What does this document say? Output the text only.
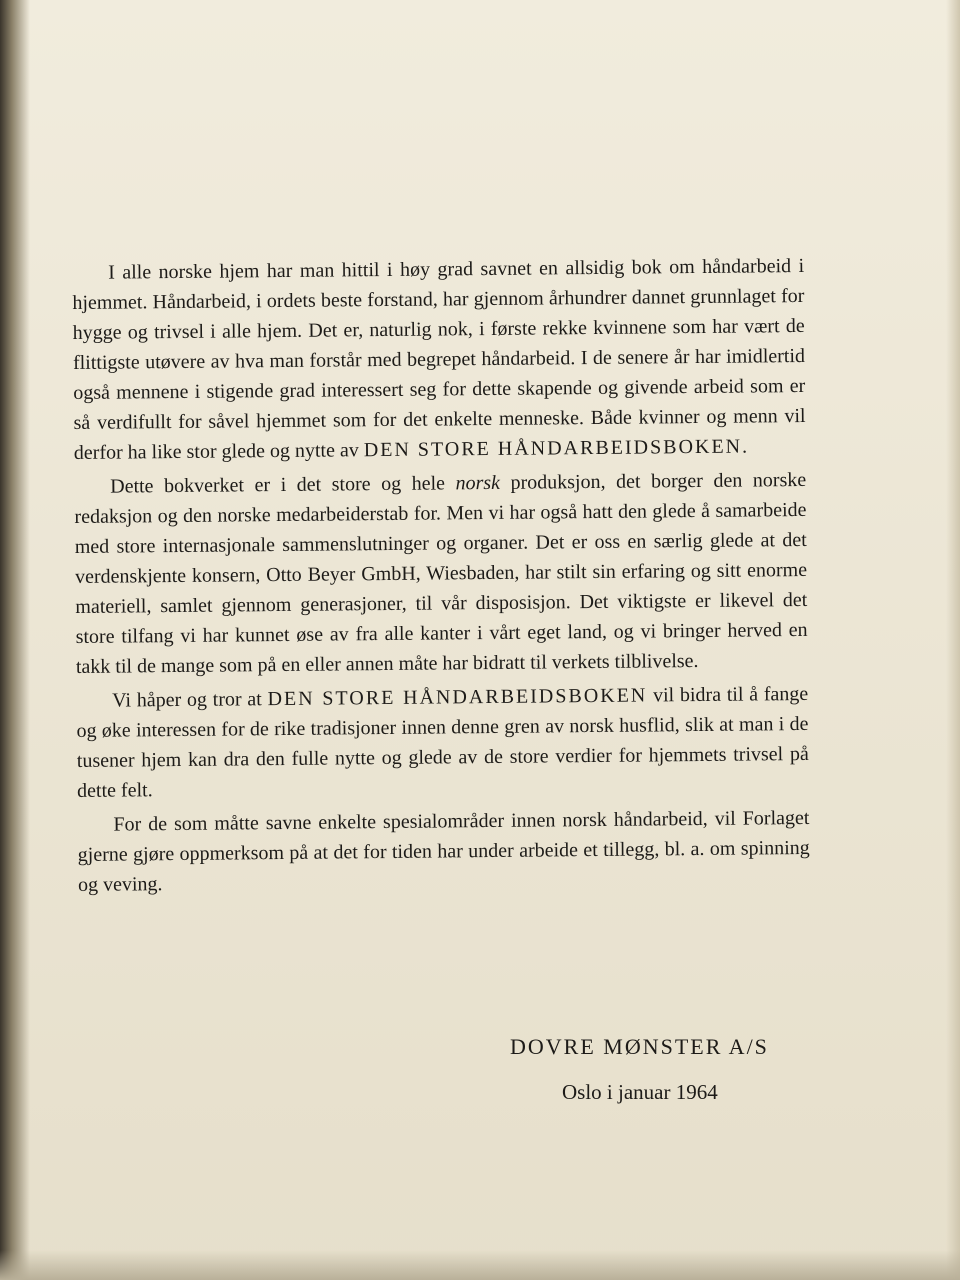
I alle norske hjem har man hittil i høy grad savnet en allsidig bok om håndarbeid i hjemmet. Håndarbeid, i ordets beste forstand, har gjennom århundrer dannet grunnlaget for hygge og trivsel i alle hjem. Det er, naturlig nok, i første rekke kvinnene som har vært de flittigste utøvere av hva man forstår med begrepet håndarbeid. I de senere år har imidlertid også mennene i stigende grad interessert seg for dette skapende og givende arbeid som er så verdifullt for såvel hjemmet som for det enkelte menneske. Både kvinner og menn vil derfor ha like stor glede og nytte av DEN STORE HÅNDARBEIDSBOKEN.

Dette bokverket er i det store og hele norsk produksjon, det borger den norske redaksjon og den norske medarbeiderstab for. Men vi har også hatt den glede å samarbeide med store internasjonale sammenslutninger og organer. Det er oss en særlig glede at det verdenskjente konsern, Otto Beyer GmbH, Wiesbaden, har stilt sin erfaring og sitt enorme materiell, samlet gjennom generasjoner, til vår disposisjon. Det viktigste er likevel det store tilfang vi har kunnet øse av fra alle kanter i vårt eget land, og vi bringer herved en takk til de mange som på en eller annen måte har bidratt til verkets tilblivelse.

Vi håper og tror at DEN STORE HÅNDARBEIDSBOKEN vil bidra til å fange og øke interessen for de rike tradisjoner innen denne gren av norsk husflid, slik at man i de tusener hjem kan dra den fulle nytte og glede av de store verdier for hjemmets trivsel på dette felt.

For de som måtte savne enkelte spesialområder innen norsk håndarbeid, vil Forlaget gjerne gjøre oppmerksom på at det for tiden har under arbeide et tillegg, bl. a. om spinning og veving.

DOVRE MØNSTER A/S
Oslo i januar 1964
